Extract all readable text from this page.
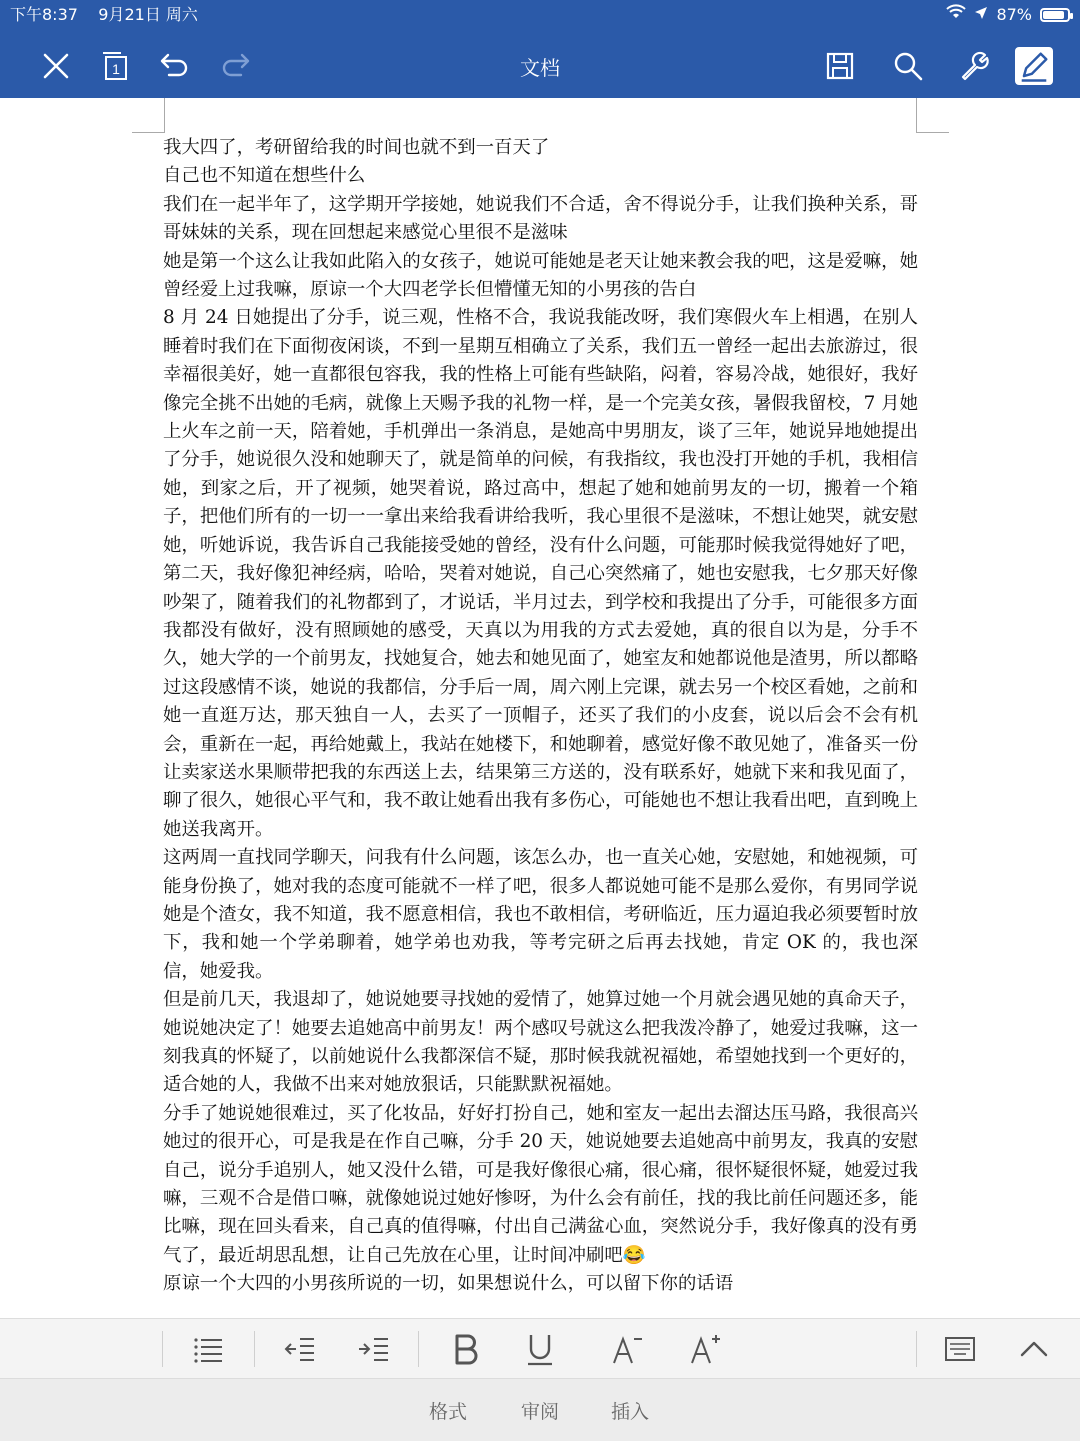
下午8:37 9月21日 周六	87%
1	文档

我大四了，考研留给我的时间也就不到一百天了

自己也不知道在想些什么

我们在一起半年了，这学期开学接她，她说我们不合适，舍不得说分手，让我们换种关系，哥哥妹妹的关系，现在回想起来感觉心里很不是滋味

她是第一个这么让我如此陷入的女孩子，她说可能她是老天让她来教会我的吧，这是爱嘛，她曾经爱上过我嘛，原谅一个大四老学长但懵懂无知的小男孩的告白

8 月 24 日她提出了分手，说三观，性格不合，我说我能改呀，我们寒假火车上相遇，在别人睡着时我们在下面彻夜闲谈，不到一星期互相确立了关系，我们五一曾经一起出去旅游过，很幸福很美好，她一直都很包容我，我的性格上可能有些缺陷，闷着，容易冷战，她很好，我好像完全挑不出她的毛病，就像上天赐予我的礼物一样，是一个完美女孩，暑假我留校，7 月她上火车之前一天，陪着她，手机弹出一条消息，是她高中男朋友，谈了三年，她说异地她提出了分手，她说很久没和她聊天了，就是简单的问候，有我指纹，我也没打开她的手机，我相信她，到家之后，开了视频，她哭着说，路过高中，想起了她和她前男友的一切，搬着一个箱子，把他们所有的一切一一拿出来给我看讲给我听，我心里很不是滋味，不想让她哭，就安慰她，听她诉说，我告诉自己我能接受她的曾经，没有什么问题，可能那时候我觉得她好了吧，第二天，我好像犯神经病，哈哈，哭着对她说，自己心突然痛了，她也安慰我，七夕那天好像吵架了，随着我们的礼物都到了，才说话，半月过去，到学校和我提出了分手，可能很多方面我都没有做好，没有照顾她的感受，天真以为用我的方式去爱她，真的很自以为是，分手不久，她大学的一个前男友，找她复合，她去和她见面了，她室友和她都说他是渣男，所以都略过这段感情不谈，她说的我都信，分手后一周，周六刚上完课，就去另一个校区看她，之前和她一直逛万达，那天独自一人，去买了一顶帽子，还买了我们的小皮套，说以后会不会有机会，重新在一起，再给她戴上，我站在她楼下，和她聊着，感觉好像不敢见她了，准备买一份让卖家送水果顺带把我的东西送上去，结果第三方送的，没有联系好，她就下来和我见面了，聊了很久，她很心平气和，我不敢让她看出我有多伤心，可能她也不想让我看出吧，直到晚上她送我离开。

这两周一直找同学聊天，问我有什么问题，该怎么办，也一直关心她，安慰她，和她视频，可能身份换了，她对我的态度可能就不一样了吧，很多人都说她可能不是那么爱你，有男同学说她是个渣女，我不知道，我不愿意相信，我也不敢相信，考研临近，压力逼迫我必须要暂时放下，我和她一个学弟聊着，她学弟也劝我，等考完研之后再去找她，肯定 OK 的，我也深信，她爱我。

但是前几天，我退却了，她说她要寻找她的爱情了，她算过她一个月就会遇见她的真命天子，她说她决定了！她要去追她高中前男友！两个感叹号就这么把我泼冷静了，她爱过我嘛，这一刻我真的怀疑了，以前她说什么我都深信不疑，那时候我就祝福她，希望她找到一个更好的，适合她的人，我做不出来对她放狠话，只能默默祝福她。

分手了她说她很难过，买了化妆品，好好打扮自己，她和室友一起出去溜达压马路，我很高兴她过的很开心，可是我是在作自己嘛，分手 20 天，她说她要去追她高中前男友，我真的安慰自己，说分手追别人，她又没什么错，可是我好像很心痛，很心痛，很怀疑很怀疑，她爱过我嘛，三观不合是借口嘛，就像她说过她好惨呀，为什么会有前任，找的我比前任问题还多，能比嘛，现在回头看来，自己真的值得嘛，付出自己满盆心血，突然说分手，我好像真的没有勇气了，最近胡思乱想，让自己先放在心里，让时间冲刷吧😂

原谅一个大四的小男孩所说的一切，如果想说什么，可以留下你的话语

格式	审阅	插入
